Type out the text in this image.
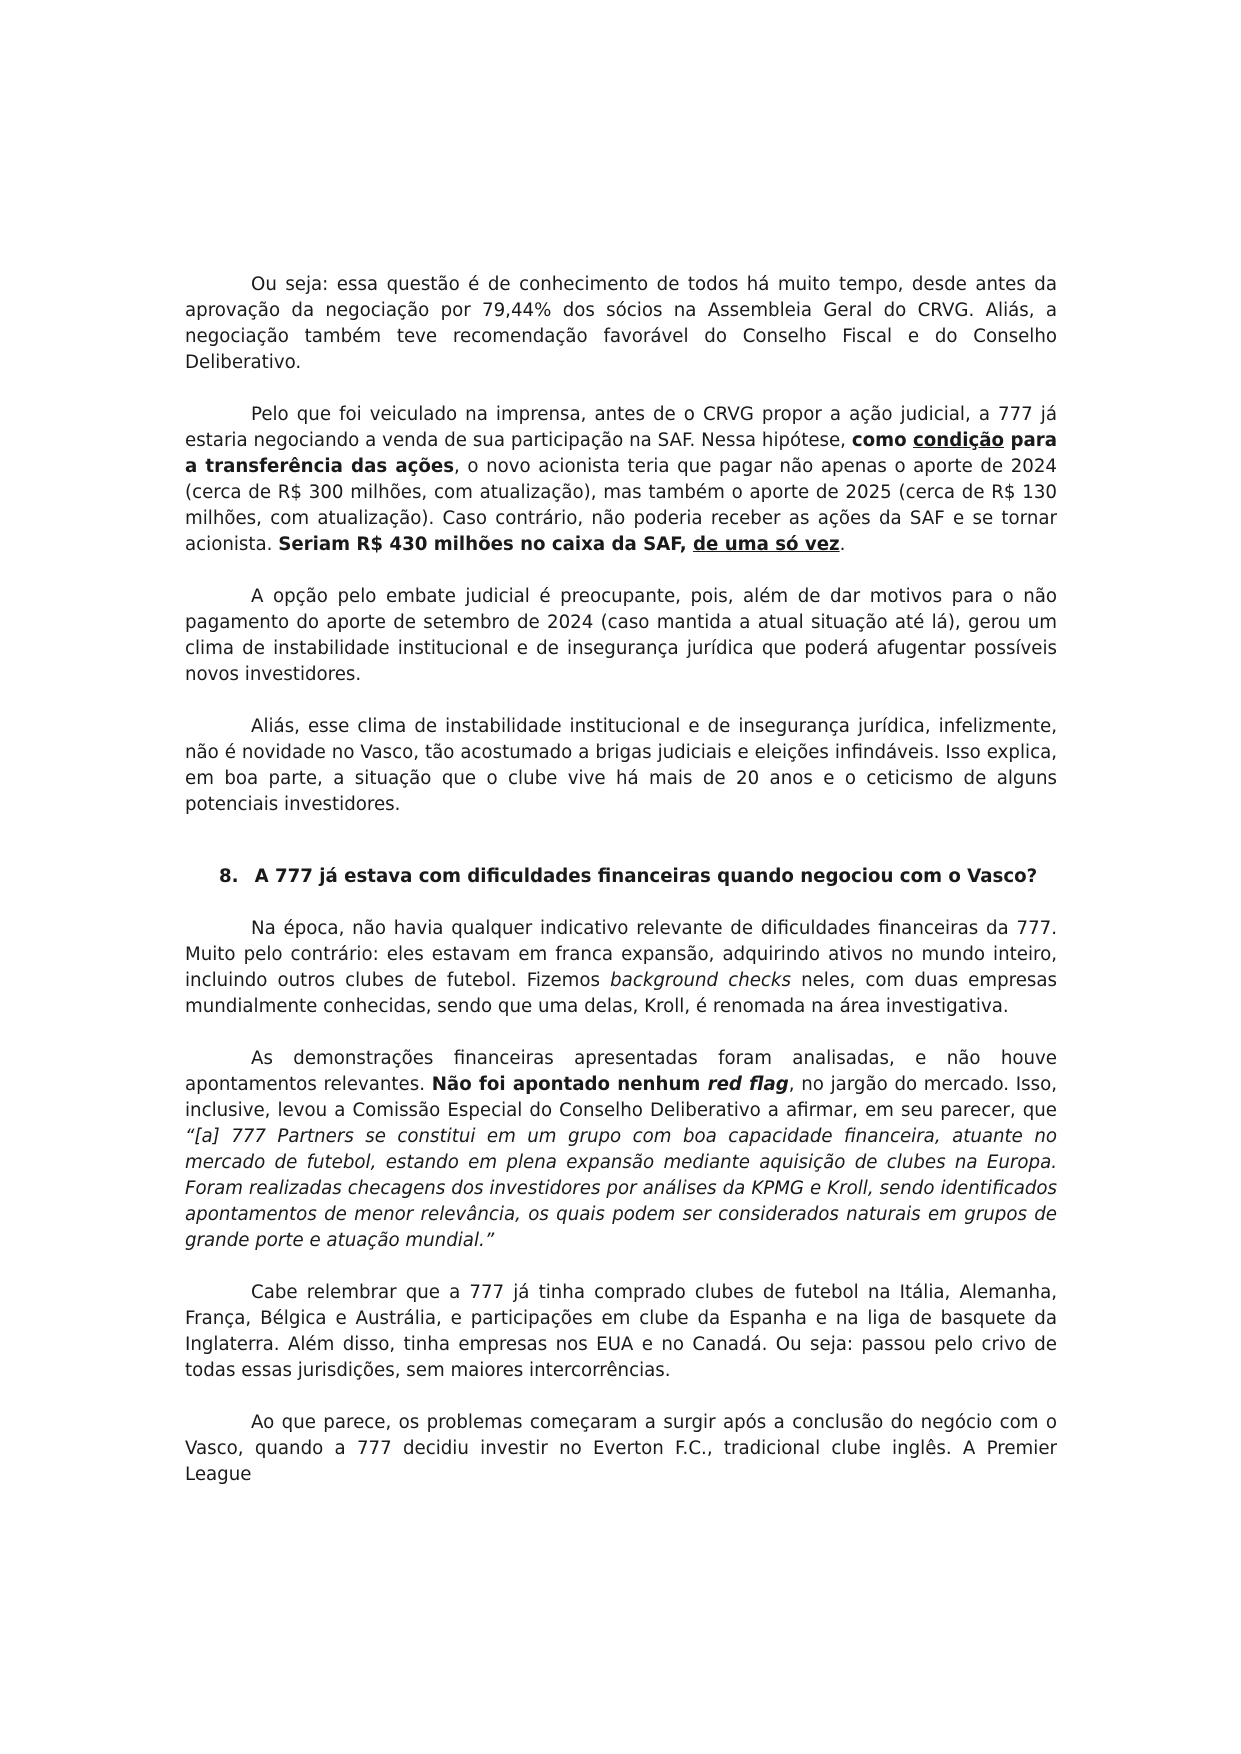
Ou seja: essa questão é de conhecimento de todos há muito tempo, desde antes da aprovação da negociação por 79,44% dos sócios na Assembleia Geral do CRVG. Aliás, a negociação também teve recomendação favorável do Conselho Fiscal e do Conselho Deliberativo.

Pelo que foi veiculado na imprensa, antes de o CRVG propor a ação judicial, a 777 já estaria negociando a venda de sua participação na SAF. Nessa hipótese, como condição para a transferência das ações, o novo acionista teria que pagar não apenas o aporte de 2024 (cerca de R$ 300 milhões, com atualização), mas também o aporte de 2025 (cerca de R$ 130 milhões, com atualização). Caso contrário, não poderia receber as ações da SAF e se tornar acionista. Seriam R$ 430 milhões no caixa da SAF, de uma só vez.

A opção pelo embate judicial é preocupante, pois, além de dar motivos para o não pagamento do aporte de setembro de 2024 (caso mantida a atual situação até lá), gerou um clima de instabilidade institucional e de insegurança jurídica que poderá afugentar possíveis novos investidores.

Aliás, esse clima de instabilidade institucional e de insegurança jurídica, infelizmente, não é novidade no Vasco, tão acostumado a brigas judiciais e eleições infindáveis. Isso explica, em boa parte, a situação que o clube vive há mais de 20 anos e o ceticismo de alguns potenciais investidores.

8. A 777 já estava com dificuldades financeiras quando negociou com o Vasco?

Na época, não havia qualquer indicativo relevante de dificuldades financeiras da 777. Muito pelo contrário: eles estavam em franca expansão, adquirindo ativos no mundo inteiro, incluindo outros clubes de futebol. Fizemos background checks neles, com duas empresas mundialmente conhecidas, sendo que uma delas, Kroll, é renomada na área investigativa.

As demonstrações financeiras apresentadas foram analisadas, e não houve apontamentos relevantes. Não foi apontado nenhum red flag, no jargão do mercado. Isso, inclusive, levou a Comissão Especial do Conselho Deliberativo a afirmar, em seu parecer, que “[a] 777 Partners se constitui em um grupo com boa capacidade financeira, atuante no mercado de futebol, estando em plena expansão mediante aquisição de clubes na Europa. Foram realizadas checagens dos investidores por análises da KPMG e Kroll, sendo identificados apontamentos de menor relevância, os quais podem ser considerados naturais em grupos de grande porte e atuação mundial.”

Cabe relembrar que a 777 já tinha comprado clubes de futebol na Itália, Alemanha, França, Bélgica e Austrália, e participações em clube da Espanha e na liga de basquete da Inglaterra. Além disso, tinha empresas nos EUA e no Canadá. Ou seja: passou pelo crivo de todas essas jurisdições, sem maiores intercorrências.

Ao que parece, os problemas começaram a surgir após a conclusão do negócio com o Vasco, quando a 777 decidiu investir no Everton F.C., tradicional clube inglês. A Premier League
